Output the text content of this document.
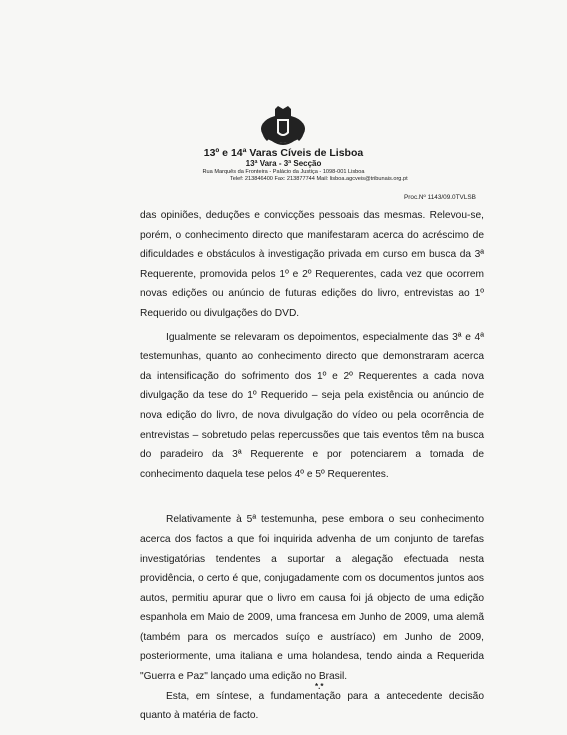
13º e 14ª Varas Cíveis de Lisboa
13ª Vara - 3ª Secção
Rua Marquês da Fronteira - Palácio da Justiça - 1098-001 Lisboa
Telef: 213846400 Fax: 213877744 Mail: lisboa.agcveis@tribunais.org.pt
Proc.Nº 1143/09.0TVLSB

das opiniões, deduções e convicções pessoais das mesmas. Relevou-se, porém, o conhecimento directo que manifestaram acerca do acréscimo de dificuldades e obstáculos à investigação privada em curso em busca da 3ª Requerente, promovida pelos 1º e 2º Requerentes, cada vez que ocorrem novas edições ou anúncio de futuras edições do livro, entrevistas ao 1º Requerido ou divulgações do DVD.

Igualmente se relevaram os depoimentos, especialmente das 3ª e 4ª testemunhas, quanto ao conhecimento directo que demonstraram acerca da intensificação do sofrimento dos 1º e 2º Requerentes a cada nova divulgação da tese do 1º Requerido – seja pela existência ou anúncio de nova edição do livro, de nova divulgação do vídeo ou pela ocorrência de entrevistas – sobretudo pelas repercussões que tais eventos têm na busca do paradeiro da 3ª Requerente e por potenciarem a tomada de conhecimento daquela tese pelos 4º e 5º Requerentes.

Relativamente à 5ª testemunha, pese embora o seu conhecimento acerca dos factos a que foi inquirida advenha de um conjunto de tarefas investigatórias tendentes a suportar a alegação efectuada nesta providência, o certo é que, conjugadamente com os documentos juntos aos autos, permitiu apurar que o livro em causa foi já objecto de uma edição espanhola em Maio de 2009, uma francesa em Junho de 2009, uma alemã (também para os mercados suíço e austríaco) em Junho de 2009, posteriormente, uma italiana e uma holandesa, tendo ainda a Requerida "Guerra e Paz" lançado uma edição no Brasil.

Esta, em síntese, a fundamentação para a antecedente decisão quanto à matéria de facto.

*.*
